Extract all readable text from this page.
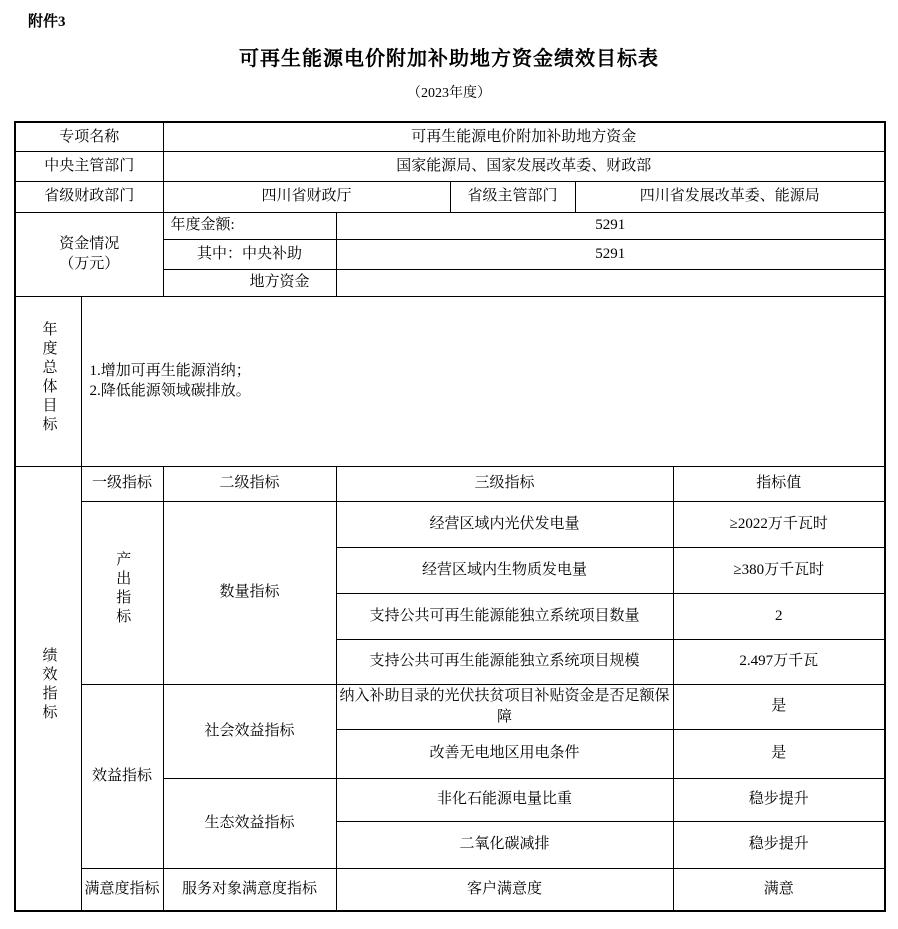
附件3
可再生能源电价附加补助地方资金绩效目标表
（2023年度）
专项名称		可再生能源电价附加补助地方资金				
中央主管部门		国家能源局、国家发展改革委、财政部				
省级财政部门		四川省财政厅		省级主管部门	四川省发展改革委、能源局	

资金情况
（万元）		年度金额:	5291			
		其中：中央补助	5291			
		地方资金				
年度总体目标	1.增加可再生能源消纳；
2.降低能源领域碳排放。					

绩效指标	一级指标	二级指标	三级指标			指标值
	产出指标	数量指标	经营区域内光伏发电量			≥2022万千瓦时
			经营区域内生物质发电量			≥380万千瓦时
			支持公共可再生能源能独立系统项目数量			2
			支持公共可再生能源能独立系统项目规模			2.497万千瓦
	效益指标	社会效益指标	纳入补助目录的光伏扶贫项目补贴资金是否足额保障			是
			改善无电地区用电条件			是
		生态效益指标	非化石能源电量比重			稳步提升
			二氧化碳减排			稳步提升
	满意度指标	服务对象满意度指标	客户满意度			满意
